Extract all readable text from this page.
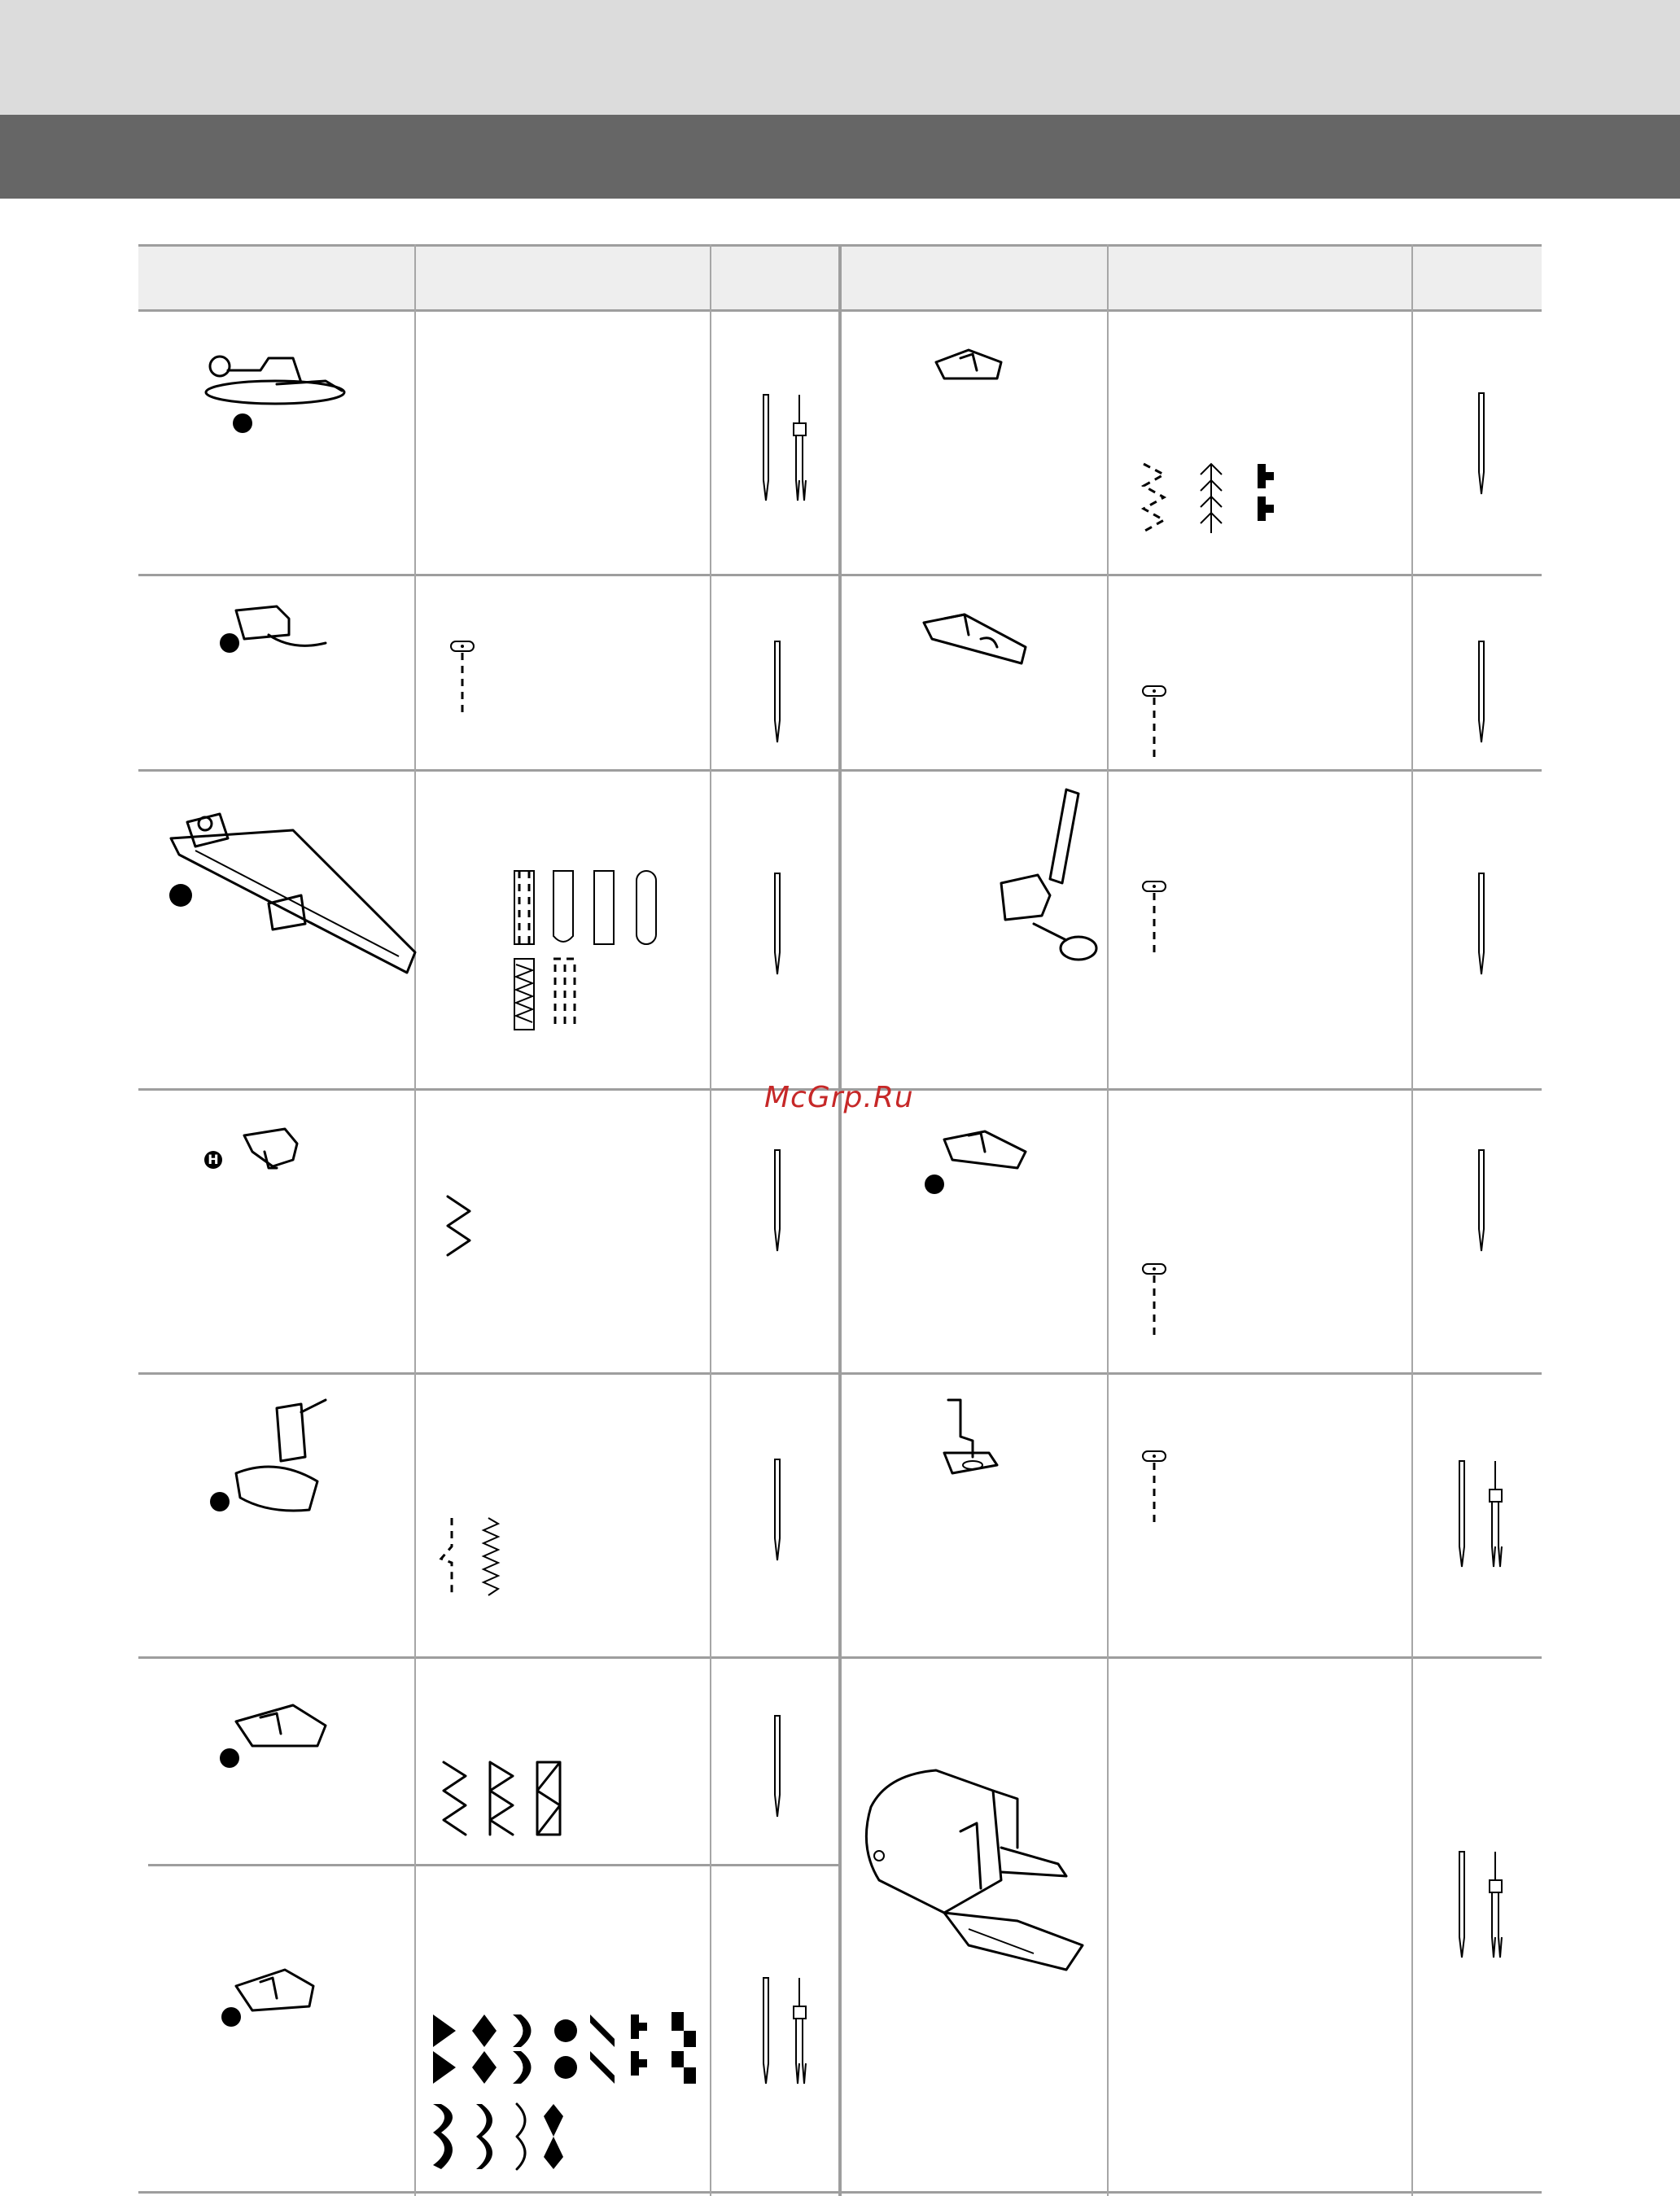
H
McGrp.Ru
